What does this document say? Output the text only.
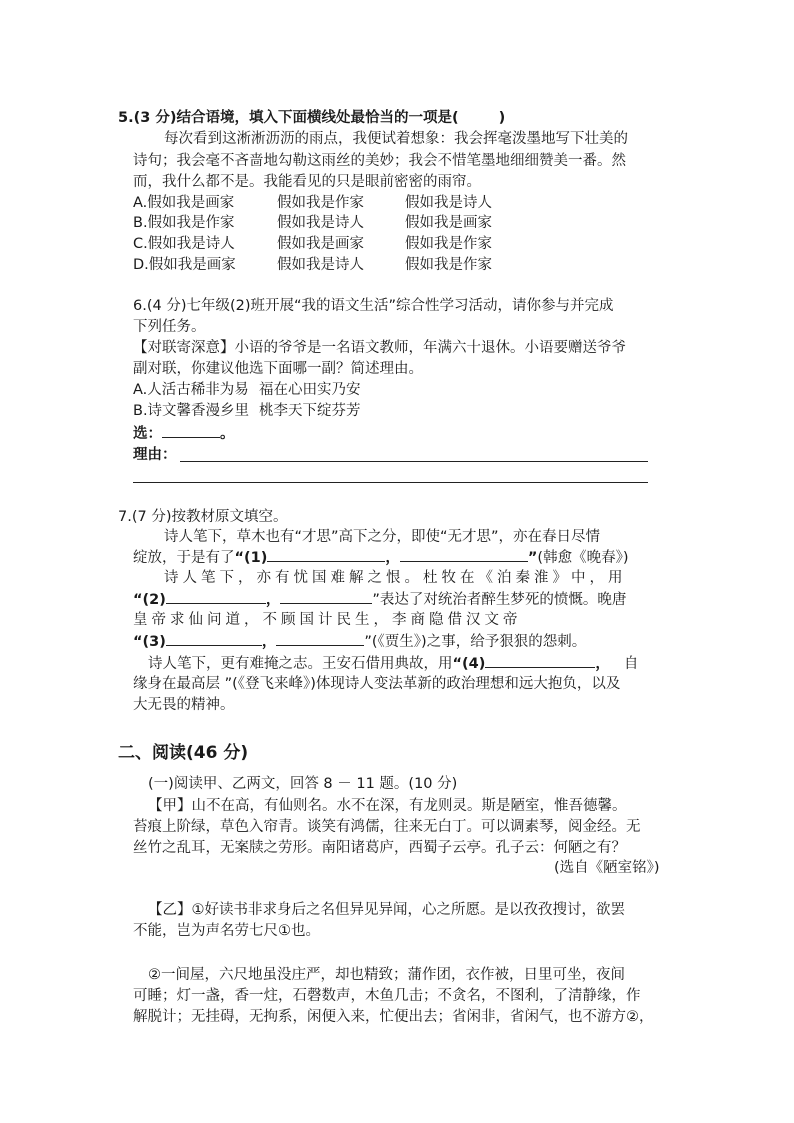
5.(3 分)结合语境，填入下面横线处最恰当的一项是(	)
每次看到这淅淅沥沥的雨点，我便试着想象：我会挥毫泼墨地写下壮美的
诗句；我会毫不吝啬地勾勒这雨丝的美妙；我会不惜笔墨地细细赞美一番。然
而，我什么都不是。我能看见的只是眼前密密的雨帘。
A.假如我是画家	假如我是作家	假如我是诗人
B.假如我是作家	假如我是诗人	假如我是画家
C.假如我是诗人	假如我是画家	假如我是作家
D.假如我是画家	假如我是诗人	假如我是作家
6.(4 分)七年级(2)班开展“我的语文生活”综合性学习活动，请你参与并完成
下列任务。
【对联寄深意】小语的爷爷是一名语文教师，年满六十退休。小语要赠送爷爷
副对联，你建议他选下面哪一副？简述理由。
A.人活古稀非为易 福在心田实乃安
B.诗文馨香漫乡里 桃李天下绽芬芳
选：	。
理由：
7.(7 分)按教材原文填空。
诗人笔下，草木也有“才思”高下之分，即使“无才思”，亦在春日尽情
绽放，于是有了“(1)	，	”(韩愈《晚春》)
诗人笔下，亦有忧国难解之恨。杜牧在《泊秦淮》中，用
“(2)	，	”表达了对统治者醉生梦死的愤慨。晚唐
皇帝求仙问道，不顾国计民生，李商隐借汉文帝
“(3)	，	”(《贾生》)之事，给予狠狠的怨刺。
诗人笔下，更有难掩之志。王安石借用典故，用“(4)	， 自
缘身在最高层 ”(《登飞来峰》)体现诗人变法革新的政治理想和远大抱负，以及
大无畏的精神。
二、阅读(46 分)
(一)阅读甲、乙两文，回答 8 － 11 题。(10 分)
【甲】山不在高，有仙则名。水不在深，有龙则灵。斯是陋室，惟吾德馨。
苔痕上阶绿，草色入帘青。谈笑有鸿儒，往来无白丁。可以调素琴，阅金经。无
丝竹之乱耳，无案牍之劳形。南阳诸葛庐，西蜀子云亭。孔子云：何陋之有？
(选自《陋室铭》)
【乙】①好读书非求身后之名但异见异闻，心之所愿。是以孜孜搜讨，欲罢
不能，岂为声名劳七尺①也。
②一间屋，六尺地虽没庄严，却也精致；蒲作团，衣作被，日里可坐，夜间
可睡；灯一盏，香一炷，石磬数声，木鱼几击；不贪名，不图利，了清静缘，作
解脱计；无挂碍，无拘系，闲便入来，忙便出去；省闲非，省闲气，也不游方②，
